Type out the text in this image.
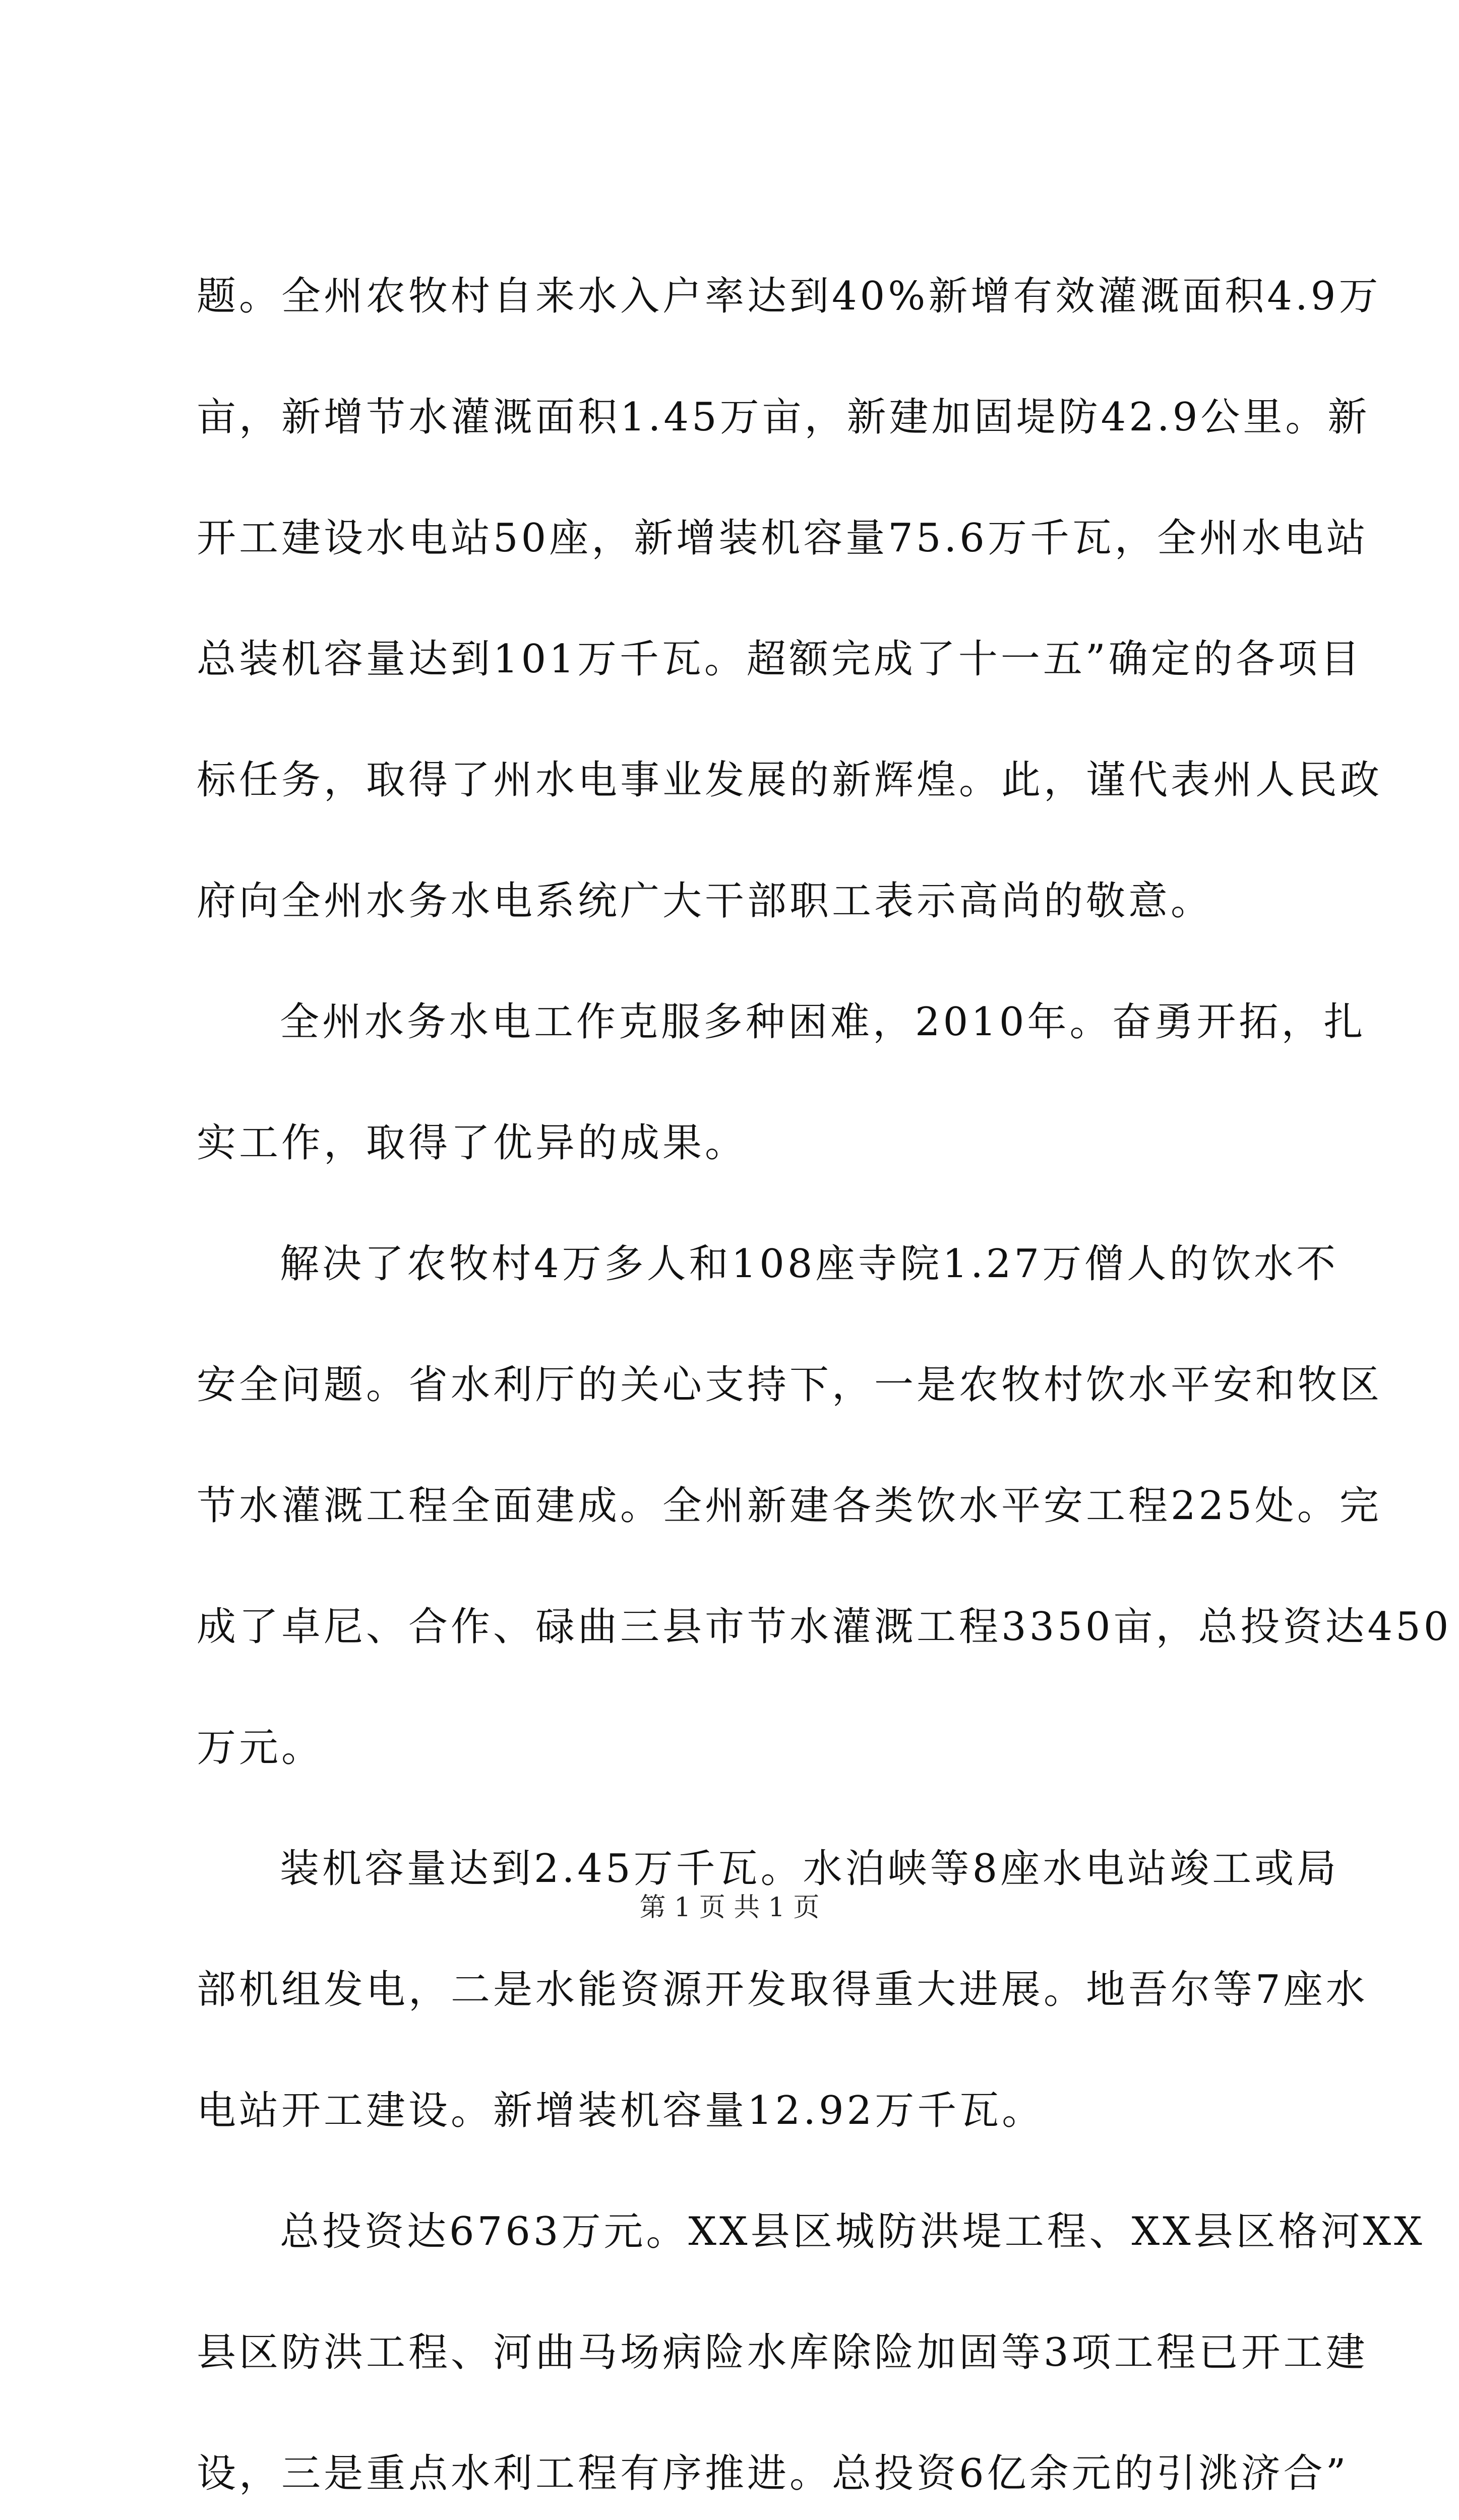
题。全州农牧村自来水入户率达到40%新增有效灌溉面积4.9万
亩，新增节水灌溉面积1.45万亩，新建加固堤防42.9公里。新
开工建设水电站50座，新增装机容量75.6万千瓦，全州水电站
总装机容量达到101万千瓦。超额完成了十一五”确定的各项目
标任务，取得了州水电事业发展的新辉煌。此，谨代表州人民政
府向全州水务水电系统广大干部职工表示高尚的敬意。
全州水务水电工作克服多种困难，2010年。奋勇开拓，扎
实工作，取得了优异的成果。
解决了农牧村4万多人和108座寺院1.27万僧人的饮水不
安全问题。省水利厅的关心支持下，一是农牧村饮水平安和牧区
节水灌溉工程全面建成。全州新建各类饮水平安工程225处。完
成了卓尼、合作、碌曲三县市节水灌溉工程3350亩，总投资达450
万元。
装机容量达到2.45万千瓦。水泊峡等8座水电站竣工或局
部机组发电，二是水能资源开发取得重大进展。地吾尔等7座水
电站开工建设。新增装机容量12.92万千瓦。
总投资达6763万元。XX县区城防洪堤工程、XX县区格河XX
县区防洪工程、河曲马场病险水库除险加固等3项工程已开工建
设，三是重点水利工程有序推进。总投资6亿余元的引洮济合”
第 1 页 共 1 页
